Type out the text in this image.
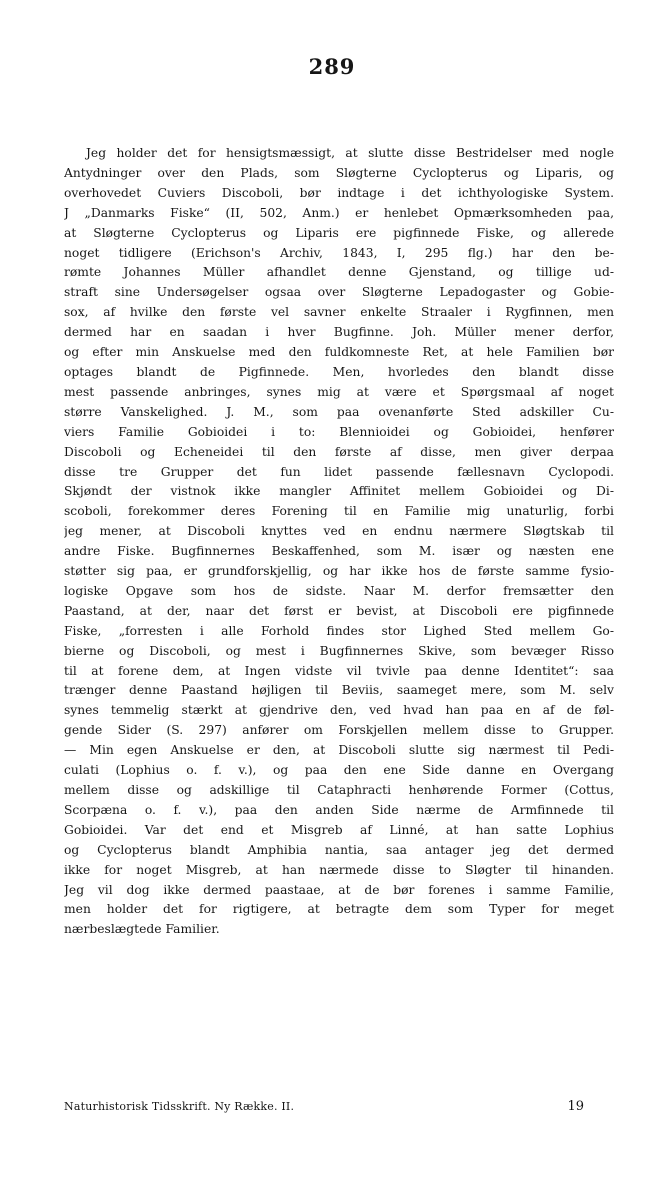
289
Jeg holder det for hensigtsmæssigt, at slutte disse Bestridelser med nogle
Antydninger over den Plads, som Sløgterne Cyclopterus og Liparis, og
overhovedet Cuviers Discoboli, bør indtage i det ichthyologiske System.
J „Danmarks Fiske“ (II, 502, Anm.) er henlebet Opmærksomheden paa,
at Sløgterne Cyclopterus og Liparis ere pigfinnede Fiske, og allerede
noget tidligere (Erichson's Archiv, 1843, I, 295 flg.) har den be-
rømte Johannes Müller afhandlet denne Gjenstand, og tillige ud-
straft sine Undersøgelser ogsaa over Sløgterne Lepadogaster og Gobie-
sox, af hvilke den første vel savner enkelte Straaler i Rygfinnen, men
dermed har en saadan i hver Bugfinne. Joh. Müller mener derfor,
og efter min Anskuelse med den fuldkomneste Ret, at hele Familien bør
optages blandt de Pigfinnede. Men, hvorledes den blandt disse
mest passende anbringes, synes mig at være et Spørgsmaal af noget
større Vanskelighed. J. M., som paa ovenanførte Sted adskiller Cu-
viers Familie Gobioidei i to: Blennioidei og Gobioidei, henfører
Discoboli og Echeneidei til den første af disse, men giver derpaa
disse tre Grupper det fun lidet passende fællesnavn Cyclopodi.
Skjøndt der vistnok ikke mangler Affinitet mellem Gobioidei og Di-
scoboli, forekommer deres Forening til en Familie mig unaturlig, forbi
jeg mener, at Discoboli knyttes ved en endnu nærmere Sløgtskab til
andre Fiske. Bugfinnernes Beskaffenhed, som M. især og næsten ene
støtter sig paa, er grundforskjellig, og har ikke hos de første samme fysio-
logiske Opgave som hos de sidste. Naar M. derfor fremsætter den
Paastand, at der, naar det først er bevist, at Discoboli ere pigfinnede
Fiske, „forresten i alle Forhold findes stor Lighed Sted mellem Go-
bierne og Discoboli, og mest i Bugfinnernes Skive, som bevæger Risso
til at forene dem, at Ingen vidste vil tvivle paa denne Identitet“: saa
trænger denne Paastand højligen til Beviis, saameget mere, som M. selv
synes temmelig stærkt at gjendrive den, ved hvad han paa en af de føl-
gende Sider (S. 297) anfører om Forskjellen mellem disse to Grupper.
— Min egen Anskuelse er den, at Discoboli slutte sig nærmest til Pedi-
culati (Lophius o. f. v.), og paa den ene Side danne en Overgang
mellem disse og adskillige til Cataphracti henhørende Former (Cottus,
Scorpæna o. f. v.), paa den anden Side nærme de Armfinnede til
Gobioidei. Var det end et Misgreb af Linné, at han satte Lophius
og Cyclopterus blandt Amphibia nantia, saa antager jeg det dermed
ikke for noget Misgreb, at han nærmede disse to Sløgter til hinanden.
Jeg vil dog ikke dermed paastaae, at de bør forenes i samme Familie,
men holder det for rigtigere, at betragte dem som Typer for meget
nærbeslægtede Familier.
Naturhistorisk Tidsskrift. Ny Række. II.	19
